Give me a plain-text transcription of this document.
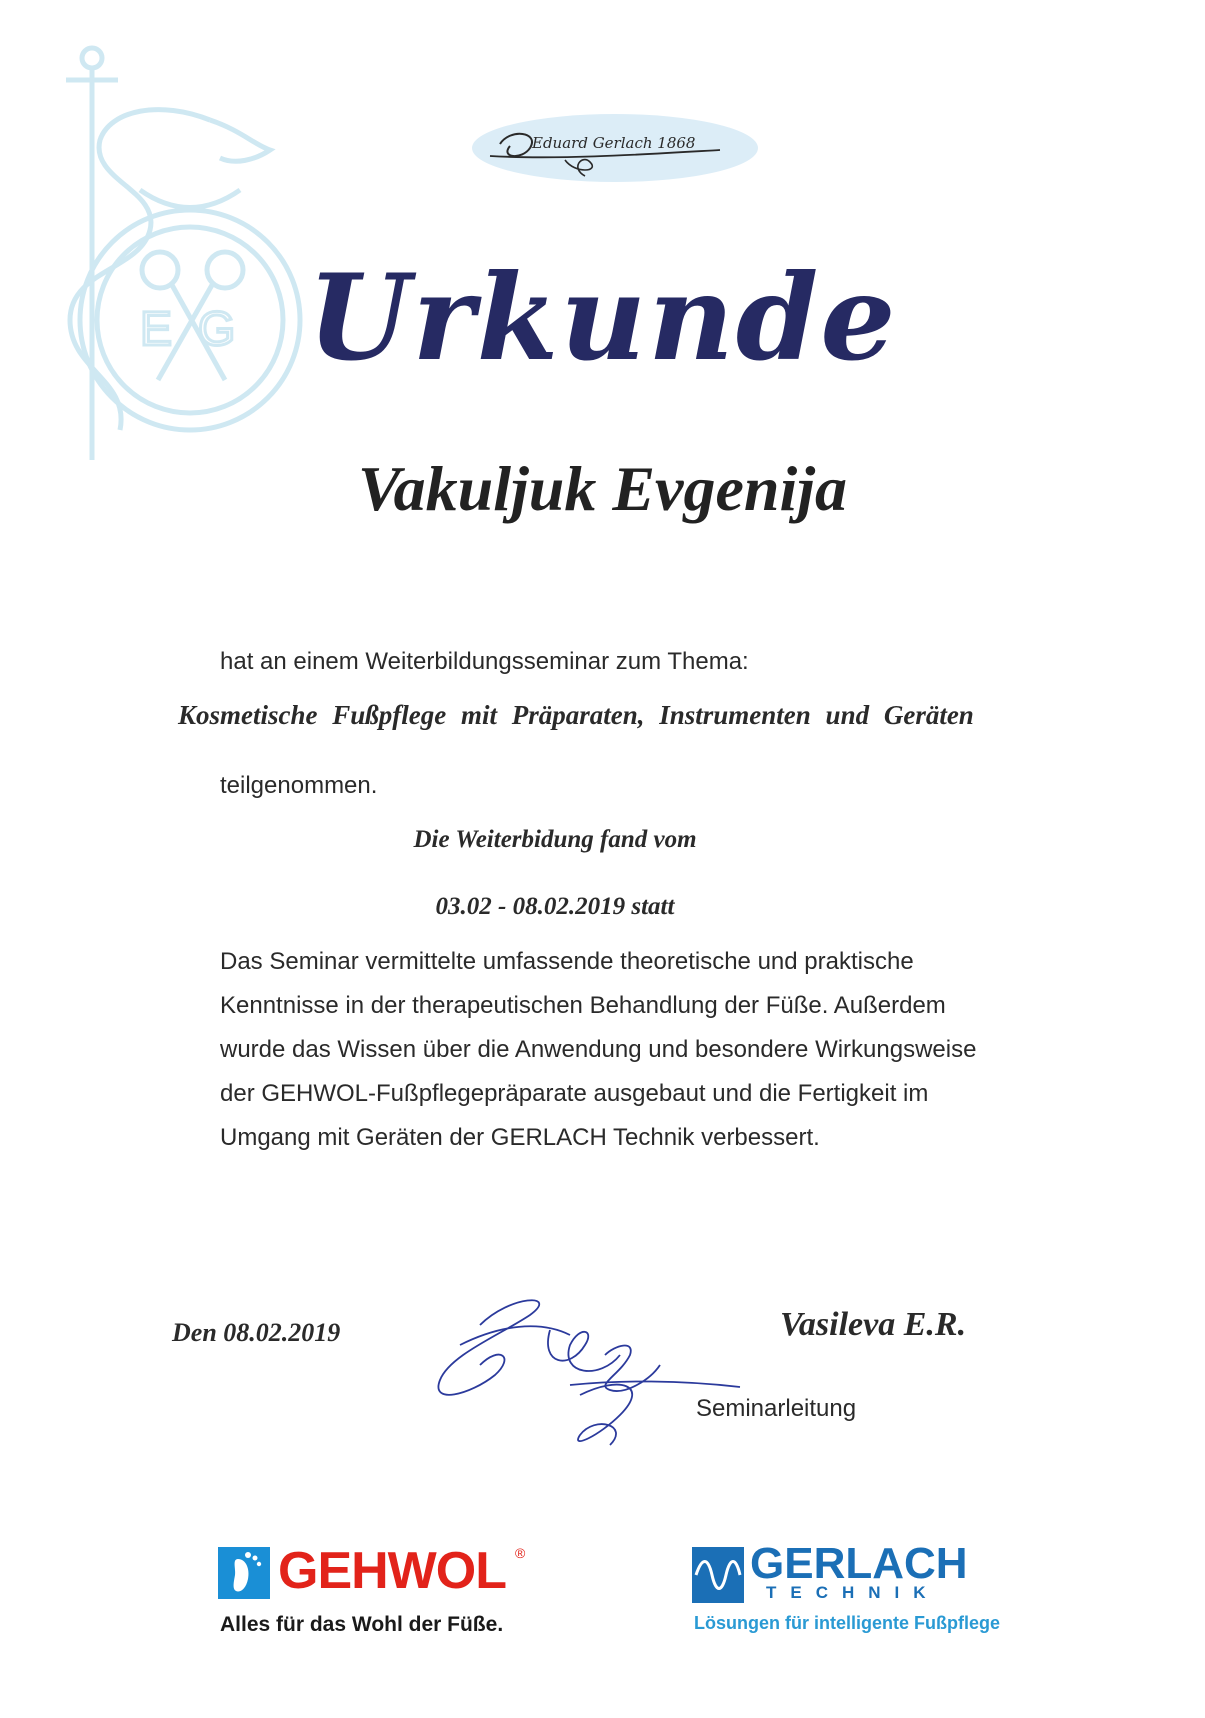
E G
Eduard Gerlach 1868
Urkunde
Vakuljuk Evgenija
hat an einem Weiterbildungsseminar zum Thema:
Kosmetische Fußpflege mit Präparaten, Instrumenten und Geräten
teilgenommen.
Die Weiterbidung fand vom
03.02 - 08.02.2019 statt
Das Seminar vermittelte umfassende theoretische und praktische
Kenntnisse in der therapeutischen Behandlung der Füße. Außerdem
wurde das Wissen über die Anwendung und besondere Wirkungsweise
der GEHWOL-Fußpflegepräparate ausgebaut und die Fertigkeit im
Umgang mit Geräten der GERLACH Technik verbessert.
Den 08.02.2019	Vasileva E.R.
Seminarleitung
GEHWOL ®
Alles für das Wohl der Füße.
GERLACH
TECHNIK
Lösungen für intelligente Fußpflege
